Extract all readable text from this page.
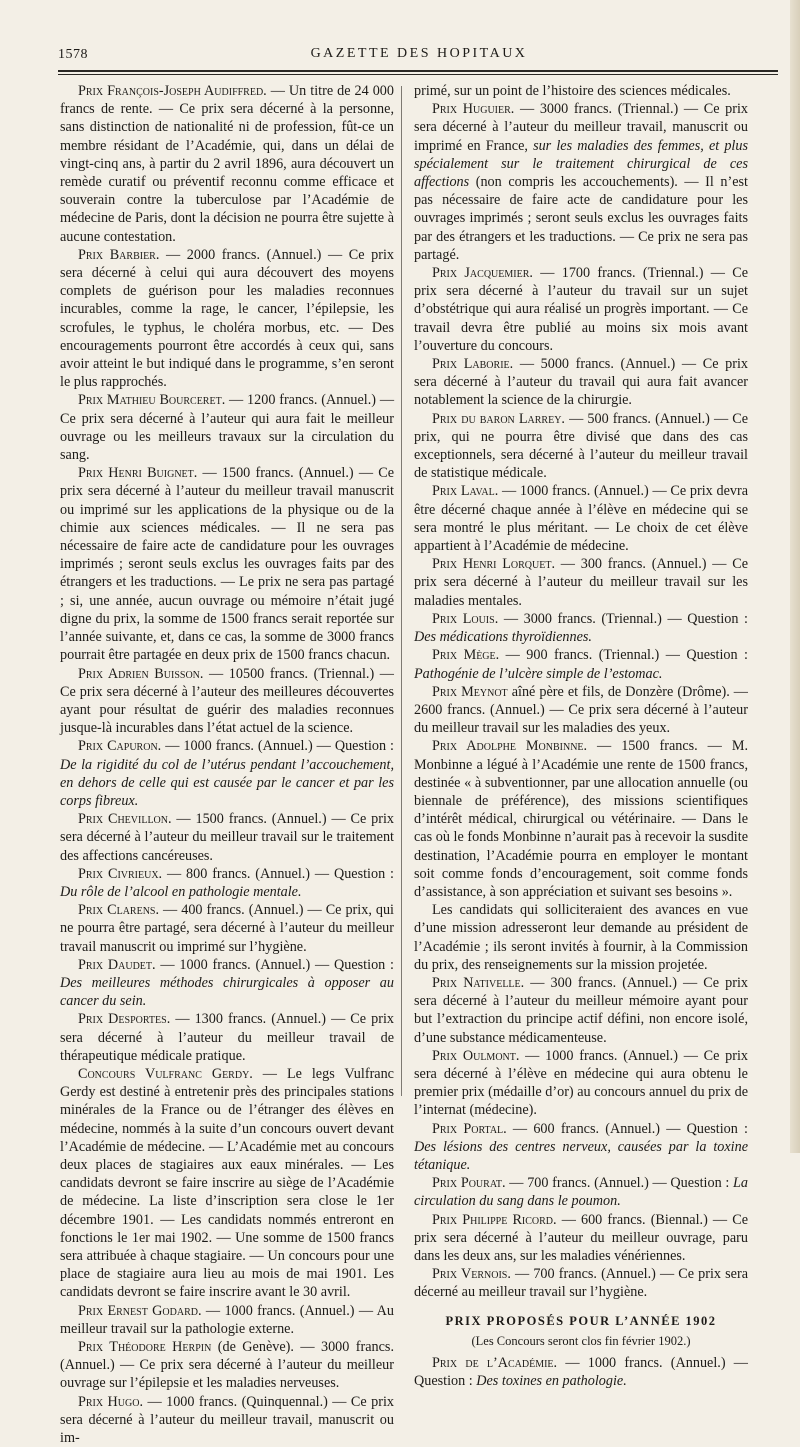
1578	GAZETTE DES HOPITAUX

Prix François-Joseph Audiffred. — Un titre de 24 000 francs de rente. — Ce prix sera décerné à la personne, sans distinction de nationalité ni de profession, fût-ce un membre résidant de l’Académie, qui, dans un délai de vingt-cinq ans, à partir du 2 avril 1896, aura découvert un remède curatif ou préventif reconnu comme efficace et souverain contre la tuberculose par l’Académie de médecine de Paris, dont la décision ne pourra être sujette à aucune contestation.

Prix Barbier. — 2000 francs. (Annuel.) — Ce prix sera décerné à celui qui aura découvert des moyens complets de guérison pour les maladies reconnues incurables, comme la rage, le cancer, l’épilepsie, les scrofules, le typhus, le choléra morbus, etc. — Des encouragements pourront être accordés à ceux qui, sans avoir atteint le but indiqué dans le programme, s’en seront le plus rapprochés.

Prix Mathieu Bourceret. — 1200 francs. (Annuel.) — Ce prix sera décerné à l’auteur qui aura fait le meilleur ouvrage ou les meilleurs travaux sur la circulation du sang.

Prix Henri Buignet. — 1500 francs. (Annuel.) — Ce prix sera décerné à l’auteur du meilleur travail manuscrit ou imprimé sur les applications de la physique ou de la chimie aux sciences médicales. — Il ne sera pas nécessaire de faire acte de candidature pour les ouvrages imprimés ; seront seuls exclus les ouvrages faits par des étrangers et les traductions. — Le prix ne sera pas partagé ; si, une année, aucun ouvrage ou mémoire n’était jugé digne du prix, la somme de 1500 francs serait reportée sur l’année suivante, et, dans ce cas, la somme de 3000 francs pourrait être partagée en deux prix de 1500 francs chacun.

Prix Adrien Buisson. — 10500 francs. (Triennal.) — Ce prix sera décerné à l’auteur des meilleures découvertes ayant pour résultat de guérir des maladies reconnues jusque-là incurables dans l’état actuel de la science.

Prix Capuron. — 1000 francs. (Annuel.) — Question : De la rigidité du col de l’utérus pendant l’accouchement, en dehors de celle qui est causée par le cancer et par les corps fibreux.

Prix Chevillon. — 1500 francs. (Annuel.) — Ce prix sera décerné à l’auteur du meilleur travail sur le traitement des affections cancéreuses.

Prix Civrieux. — 800 francs. (Annuel.) — Question : Du rôle de l’alcool en pathologie mentale.

Prix Clarens. — 400 francs. (Annuel.) — Ce prix, qui ne pourra être partagé, sera décerné à l’auteur du meilleur travail manuscrit ou imprimé sur l’hygiène.

Prix Daudet. — 1000 francs. (Annuel.) — Question : Des meilleures méthodes chirurgicales à opposer au cancer du sein.

Prix Desportes. — 1300 francs. (Annuel.) — Ce prix sera décerné à l’auteur du meilleur travail de thérapeutique médicale pratique.

Concours Vulfranc Gerdy. — Le legs Vulfranc Gerdy est destiné à entretenir près des principales stations minérales de la France ou de l’étranger des élèves en médecine, nommés à la suite d’un concours ouvert devant l’Académie de médecine. — L’Académie met au concours deux places de stagiaires aux eaux minérales. — Les candidats devront se faire inscrire au siège de l’Académie de médecine. La liste d’inscription sera close le 1er décembre 1901. — Les candidats nommés entreront en fonctions le 1er mai 1902. — Une somme de 1500 francs sera attribuée à chaque stagiaire. — Un concours pour une place de stagiaire aura lieu au mois de mai 1901. Les candidats devront se faire inscrire avant le 30 avril.

Prix Ernest Godard. — 1000 francs. (Annuel.) — Au meilleur travail sur la pathologie externe.

Prix Théodore Herpin (de Genève). — 3000 francs. (Annuel.) — Ce prix sera décerné à l’auteur du meilleur ouvrage sur l’épilepsie et les maladies nerveuses.

Prix Hugo. — 1000 francs. (Quinquennal.) — Ce prix sera décerné à l’auteur du meilleur travail, manuscrit ou im-

primé, sur un point de l’histoire des sciences médicales.

Prix Huguier. — 3000 francs. (Triennal.) — Ce prix sera décerné à l’auteur du meilleur travail, manuscrit ou imprimé en France, sur les maladies des femmes, et plus spécialement sur le traitement chirurgical de ces affections (non compris les accouchements). — Il n’est pas nécessaire de faire acte de candidature pour les ouvrages imprimés ; seront seuls exclus les ouvrages faits par des étrangers et les traductions. — Ce prix ne sera pas partagé.

Prix Jacquemier. — 1700 francs. (Triennal.) — Ce prix sera décerné à l’auteur du travail sur un sujet d’obstétrique qui aura réalisé un progrès important. — Ce travail devra être publié au moins six mois avant l’ouverture du concours.

Prix Laborie. — 5000 francs. (Annuel.) — Ce prix sera décerné à l’auteur du travail qui aura fait avancer notablement la science de la chirurgie.

Prix du baron Larrey. — 500 francs. (Annuel.) — Ce prix, qui ne pourra être divisé que dans des cas exceptionnels, sera décerné à l’auteur du meilleur travail de statistique médicale.

Prix Laval. — 1000 francs. (Annuel.) — Ce prix devra être décerné chaque année à l’élève en médecine qui se sera montré le plus méritant. — Le choix de cet élève appartient à l’Académie de médecine.

Prix Henri Lorquet. — 300 francs. (Annuel.) — Ce prix sera décerné à l’auteur du meilleur travail sur les maladies mentales.

Prix Louis. — 3000 francs. (Triennal.) — Question : Des médications thyroïdiennes.

Prix Mège. — 900 francs. (Triennal.) — Question : Pathogénie de l’ulcère simple de l’estomac.

Prix Meynot aîné père et fils, de Donzère (Drôme). — 2600 francs. (Annuel.) — Ce prix sera décerné à l’auteur du meilleur travail sur les maladies des yeux.

Prix Adolphe Monbinne. — 1500 francs. — M. Monbinne a légué à l’Académie une rente de 1500 francs, destinée « à subventionner, par une allocation annuelle (ou biennale de préférence), des missions scientifiques d’intérêt médical, chirurgical ou vétérinaire. — Dans le cas où le fonds Monbinne n’aurait pas à recevoir la susdite destination, l’Académie pourra en employer le montant soit comme fonds d’encouragement, soit comme fonds d’assistance, à son appréciation et suivant ses besoins ».

Les candidats qui solliciteraient des avances en vue d’une mission adresseront leur demande au président de l’Académie ; ils seront invités à fournir, à la Commission du prix, des renseignements sur la mission projetée.

Prix Nativelle. — 300 francs. (Annuel.) — Ce prix sera décerné à l’auteur du meilleur mémoire ayant pour but l’extraction du principe actif défini, non encore isolé, d’une substance médicamenteuse.

Prix Oulmont. — 1000 francs. (Annuel.) — Ce prix sera décerné à l’élève en médecine qui aura obtenu le premier prix (médaille d’or) au concours annuel du prix de l’internat (médecine).

Prix Portal. — 600 francs. (Annuel.) — Question : Des lésions des centres nerveux, causées par la toxine tétanique.

Prix Pourat. — 700 francs. (Annuel.) — Question : La circulation du sang dans le poumon.

Prix Philippe Ricord. — 600 francs. (Biennal.) — Ce prix sera décerné à l’auteur du meilleur ouvrage, paru dans les deux ans, sur les maladies vénériennes.

Prix Vernois. — 700 francs. (Annuel.) — Ce prix sera décerné au meilleur travail sur l’hygiène.

PRIX PROPOSÉS POUR L’ANNÉE 1902
(Les Concours seront clos fin février 1902.)

Prix de l’Académie. — 1000 francs. (Annuel.) — Question : Des toxines en pathologie.
